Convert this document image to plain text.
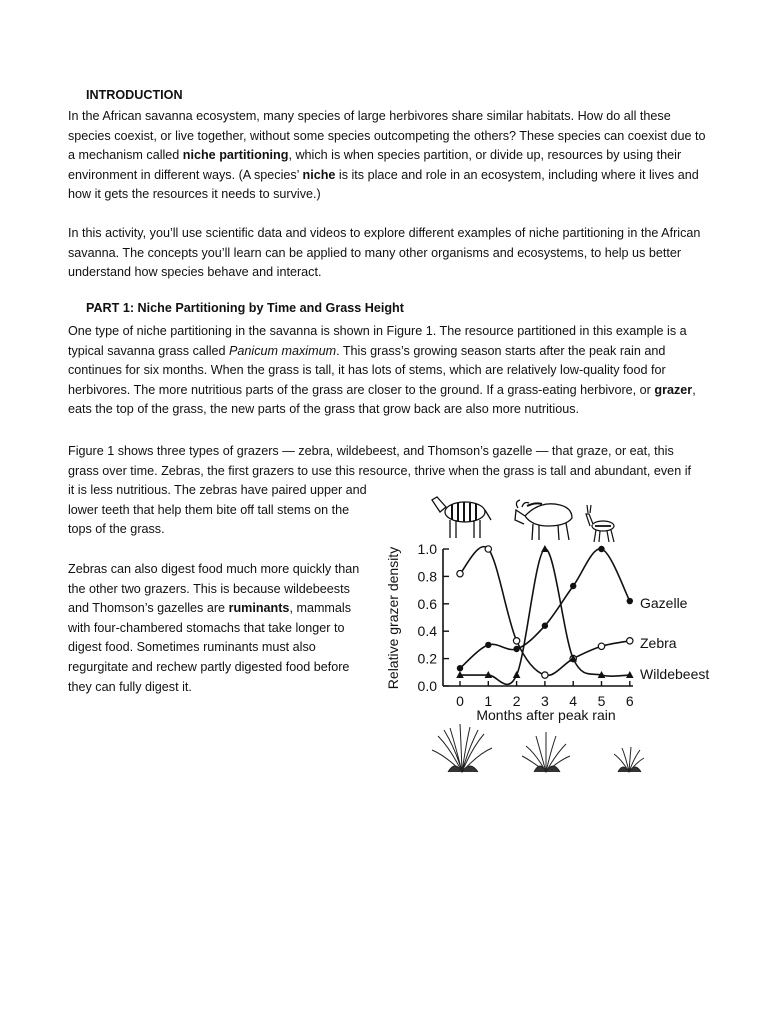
INTRODUCTION

In the African savanna ecosystem, many species of large herbivores share similar habitats. How do all these species coexist, or live together, without some species outcompeting the others? These species can coexist due to a mechanism called niche partitioning, which is when species partition, or divide up, resources by using their environment in different ways. (A species’ niche is its place and role in an ecosystem, including where it lives and how it gets the resources it needs to survive.)

In this activity, you’ll use scientific data and videos to explore different examples of niche partitioning in the African savanna. The concepts you’ll learn can be applied to many other organisms and ecosystems, to help us better understand how species behave and interact.

PART 1: Niche Partitioning by Time and Grass Height

One type of niche partitioning in the savanna is shown in Figure 1. The resource partitioned in this example is a typical savanna grass called Panicum maximum. This grass’s growing season starts after the peak rain and continues for six months. When the grass is tall, it has lots of stems, which are relatively low-quality food for herbivores. The more nutritious parts of the grass are closer to the ground. If a grass-eating herbivore, or grazer, eats the top of the grass, the new parts of the grass that grow back are also more nutritious.

Figure 1 shows three types of grazers — zebra, wildebeest, and Thomson’s gazelle — that graze, or eat, this grass over time. Zebras, the first grazers to use this resource, thrive when the grass is tall and abundant, even if

it is less nutritious. The zebras have paired upper and lower teeth that help them bite off tall stems on the tops of the grass.

Zebras can also digest food much more quickly than the other two grazers. This is because wildebeests and Thomson’s gazelles are ruminants, mammals with four-chambered stomachs that take longer to digest food. Sometimes ruminants must also regurgitate and rechew partly digested food before they can fully digest it.	0.0
0.2
0.4
0.6
0.8
1.0
0 1 2 3 4 5 6
Relative grazer density
Months after peak rain
Gazelle
Zebra
Wildebeest
